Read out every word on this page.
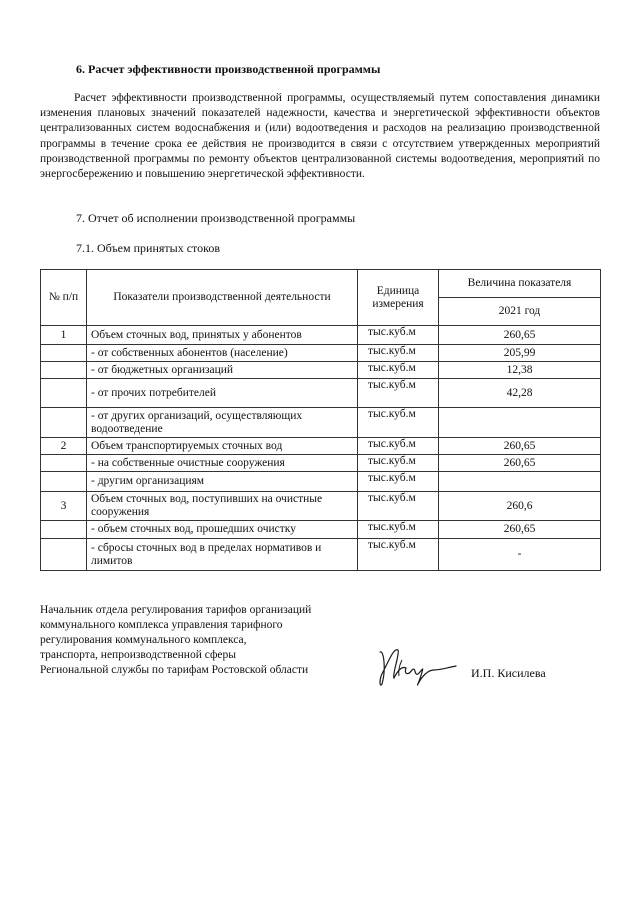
6. Расчет эффективности производственной программы
Расчет эффективности производственной программы, осуществляемый путем сопоставления динамики изменения плановых значений показателей надежности, качества и энергетической эффективности объектов централизованных систем водоснабжения и (или) водоотведения и расходов на реализацию производственной программы в течение срока ее действия не производится в связи с отсутствием утвержденных мероприятий производственной программы по ремонту объектов централизованной системы водоотведения, мероприятий по энергосбережению и повышению энергетической эффективности.
7. Отчет об исполнении производственной программы
7.1. Объем принятых стоков
№ п/п	Показатели производственной деятельности	Единица измерения	Величина показателя
			2021 год
1	Объем сточных вод, принятых у абонентов	тыс.куб.м	260,65
	- от собственных абонентов (население)	тыс.куб.м	205,99
	- от бюджетных организаций	тыс.куб.м	12,38
	- от прочих потребителей	тыс.куб.м	42,28
	- от других организаций, осуществляющих водоотведение	тыс.куб.м	
2	Объем транспортируемых сточных вод	тыс.куб.м	260,65
	- на собственные очистные сооружения	тыс.куб.м	260,65
	- другим организациям	тыс.куб.м	
3	Объем сточных вод, поступивших на очистные сооружения	тыс.куб.м	260,6
	- объем сточных вод, прошедших очистку	тыс.куб.м	260,65
	- сбросы сточных вод в пределах нормативов и лимитов	тыс.куб.м	-
Начальник отдела регулирования тарифов организаций
коммунального комплекса управления тарифного
регулирования коммунального комплекса,
транспорта, непроизводственной сферы
Региональной службы по тарифам Ростовской области	И.П. Кисилева
